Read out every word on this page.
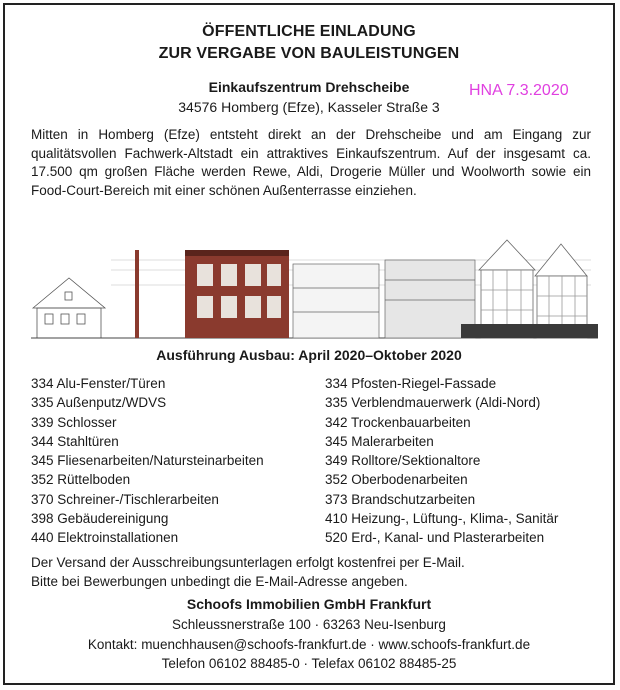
ÖFFENTLICHE EINLADUNG
ZUR VERGABE VON BAULEISTUNGEN
Einkaufszentrum Drehscheibe
34576 Homberg (Efze), Kasseler Straße 3
HNA 7.3.2020
Mitten in Homberg (Efze) entsteht direkt an der Drehscheibe und am Eingang zur qualitätsvollen Fachwerk-Altstadt ein attraktives Einkaufszentrum. Auf der insgesamt ca. 17.500 qm großen Fläche werden Rewe, Aldi, Drogerie Müller und Woolworth sowie ein Food-Court-Bereich mit einer schönen Außenterrasse einziehen.
Ausführung Ausbau: April 2020–Oktober 2020
334 Alu-Fenster/Türen
335 Außenputz/WDVS
339 Schlosser
344 Stahltüren
345 Fliesenarbeiten/Natursteinarbeiten
352 Rüttelboden
370 Schreiner-/Tischlerarbeiten
398 Gebäudereinigung
440 Elektroinstallationen
334 Pfosten-Riegel-Fassade
335 Verblendmauerwerk (Aldi-Nord)
342 Trockenbauarbeiten
345 Malerarbeiten
349 Rolltore/Sektionaltore
352 Oberbodenarbeiten
373 Brandschutzarbeiten
410 Heizung-, Lüftung-, Klima-, Sanitär
520 Erd-, Kanal- und Plasterarbeiten
Der Versand der Ausschreibungsunterlagen erfolgt kostenfrei per E-Mail.
Bitte bei Bewerbungen unbedingt die E-Mail-Adresse angeben.
Schoofs Immobilien GmbH Frankfurt
Schleussnerstraße 100 · 63263 Neu-Isenburg
Kontakt: muenchhausen@schoofs-frankfurt.de · www.schoofs-frankfurt.de
Telefon 06102 88485-0 · Telefax 06102 88485-25
